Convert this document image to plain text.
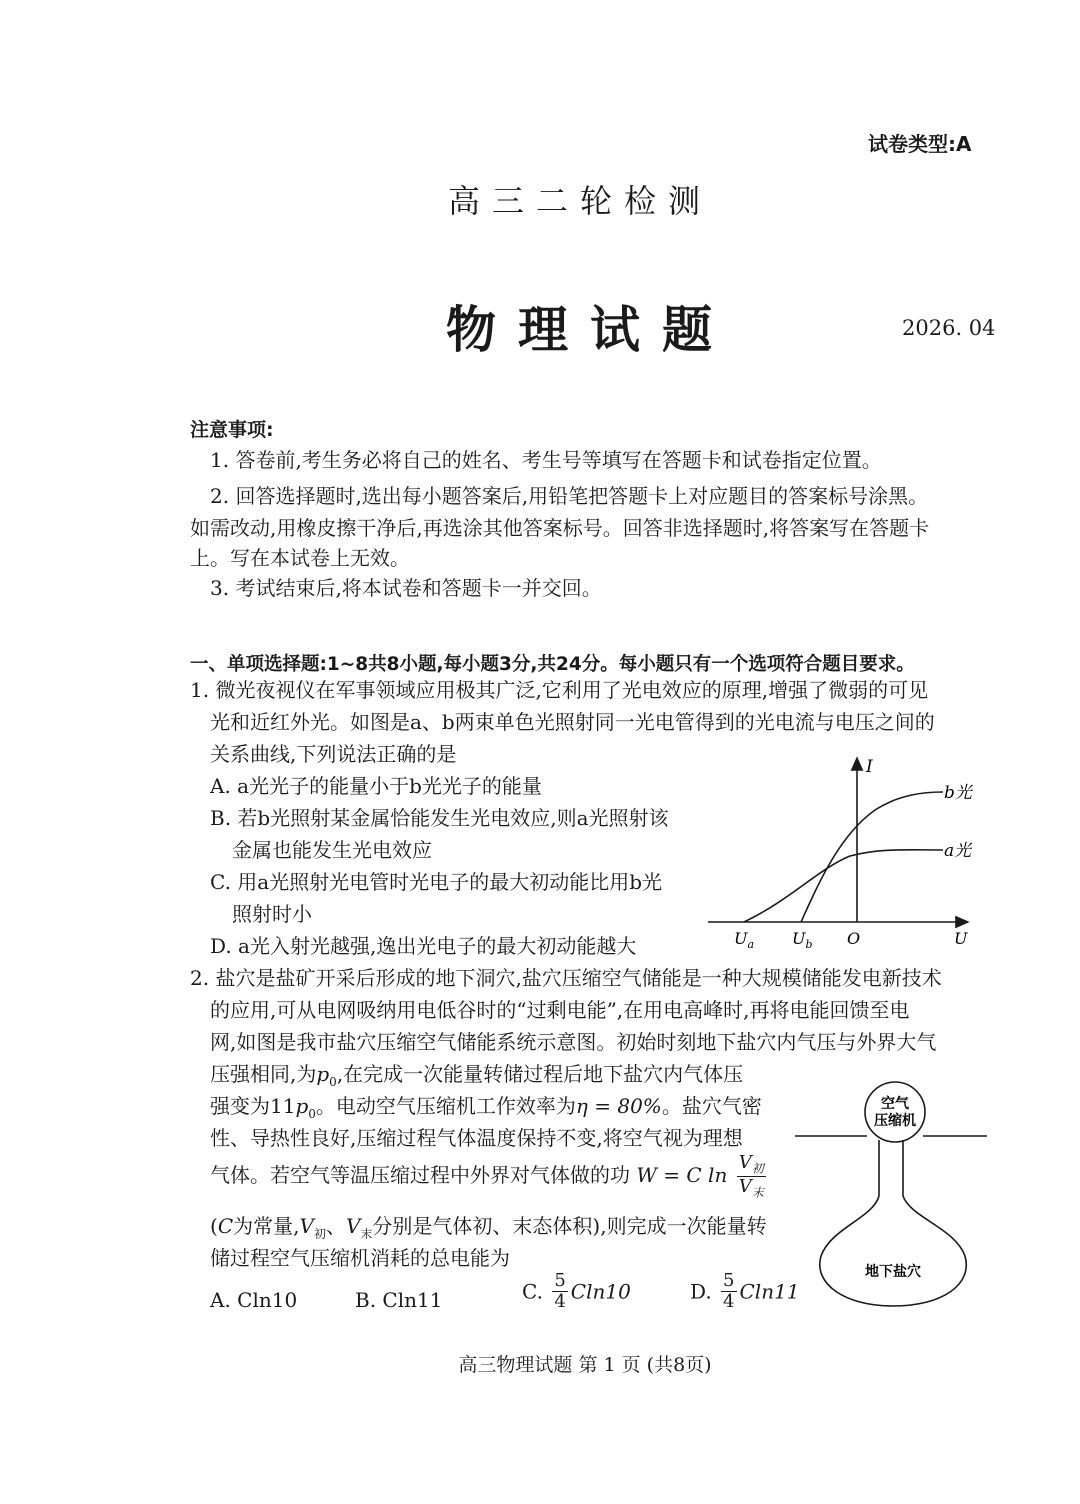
试卷类型:A
高三二轮检测
物理试题	2026. 04
注意事项:
1. 答卷前,考生务必将自己的姓名、考生号等填写在答题卡和试卷指定位置。
2. 回答选择题时,选出每小题答案后,用铅笔把答题卡上对应题目的答案标号涂黑。
如需改动,用橡皮擦干净后,再选涂其他答案标号。回答非选择题时,将答案写在答题卡
上。写在本试卷上无效。
3. 考试结束后,将本试卷和答题卡一并交回。
一、单项选择题:1~8共8小题,每小题3分,共24分。每小题只有一个选项符合题目要求。
1. 微光夜视仪在军事领域应用极其广泛,它利用了光电效应的原理,增强了微弱的可见
光和近红外光。如图是a、b两束单色光照射同一光电管得到的光电流与电压之间的
关系曲线,下列说法正确的是
A. a光光子的能量小于b光光子的能量
B. 若b光照射某金属恰能发生光电效应,则a光照射该
金属也能发生光电效应
C. 用a光照射光电管时光电子的最大初动能比用b光
照射时小
D. a光入射光越强,逸出光电子的最大初动能越大
I
b光
a光
$U_a$ $U_b$ O	U
2. 盐穴是盐矿开采后形成的地下洞穴,盐穴压缩空气储能是一种大规模储能发电新技术
的应用,可从电网吸纳用电低谷时的“过剩电能”,在用电高峰时,再将电能回馈至电
网,如图是我市盐穴压缩空气储能系统示意图。初始时刻地下盐穴内气压与外界大气
压强相同,为$p_0$,在完成一次能量转储过程后地下盐穴内气体压
强变为$11p_0$。电动空气压缩机工作效率为η = 80%。盐穴气密
性、导热性良好,压缩过程气体温度保持不变,将空气视为理想
气体。若空气等温压缩过程中外界对气体做的功 W = C $\ln \frac{V_初}{V_末}$
(C为常量$,V_初$、$V_末$分别是气体初、末态体积),则完成一次能量转
储过程空气压缩机消耗的总电能为
A. Cln10	B. Cln11	C. $\frac{5}{4} Cln10$	D. $\frac{5}{4} Cln11$
空气
压缩机
地下盐穴
高三物理试题 第 1 页 (共8页)
